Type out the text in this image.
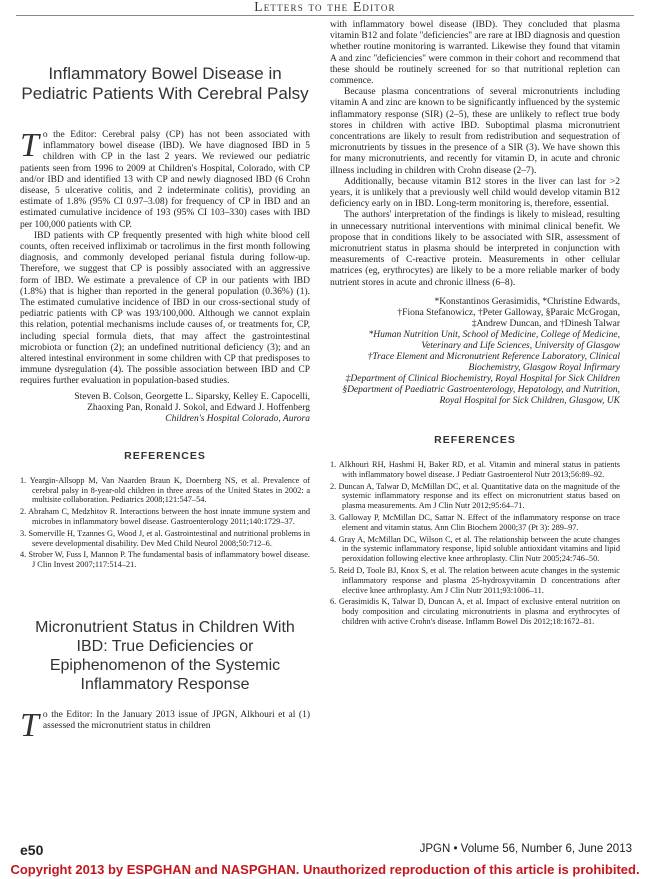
Letters to the Editor
Inflammatory Bowel Disease in Pediatric Patients With Cerebral Palsy

To the Editor: Cerebral palsy (CP) has not been associated with inflammatory bowel disease (IBD). We have diagnosed IBD in 5 children with CP in the last 2 years. We reviewed our pediatric patients seen from 1996 to 2009 at Children's Hospital, Colorado, with CP and/or IBD and identified 13 with CP and newly diagnosed IBD (6 Crohn disease, 5 ulcerative colitis, and 2 indeterminate colitis), providing an estimate of 1.8% (95% CI 0.97–3.08) for frequency of CP in IBD and an estimated cumulative incidence of 193 (95% CI 103–330) cases with IBD per 100,000 patients with CP.

IBD patients with CP frequently presented with high white blood cell counts, often received infliximab or tacrolimus in the first month following diagnosis, and commonly developed perianal fistula during follow-up. Therefore, we suggest that CP is possibly associated with an aggressive form of IBD. We estimate a prevalence of CP in our patients with IBD (1.8%) that is higher than reported in the general population (0.36%) (1). The estimated cumulative incidence of IBD in our cross-sectional study of pediatric patients with CP was 193/100,000. Although we cannot explain this relation, potential mechanisms include causes of, or treatments for, CP, including special formula diets, that may affect the gastrointestinal microbiota or function (2); an undefined nutritional deficiency (3); and an altered intestinal environment in some children with CP that predisposes to immune dysregulation (4). The possible association between IBD and CP requires further evaluation in population-based studies.

Steven B. Colson, Georgette L. Siparsky, Kelley E. Capocelli,
Zhaoxing Pan, Ronald J. Sokol, and Edward J. Hoffenberg
Children's Hospital Colorado, Aurora
REFERENCES
1. Yeargin-Allsopp M, Van Naarden Braun K, Doernberg NS, et al. Prevalence of cerebral palsy in 8-year-old children in three areas of the United States in 2002: a multisite collaboration. Pediatrics 2008;121:547–54.
2. Abraham C, Medzhitov R. Interactions between the host innate immune system and microbes in inflammatory bowel disease. Gastroenterology 2011;140:1729–37.
3. Somerville H, Tzannes G, Wood J, et al. Gastrointestinal and nutritional problems in severe developmental disability. Dev Med Child Neurol 2008;50:712–6.
4. Strober W, Fuss I, Mannon P. The fundamental basis of inflammatory bowel disease. J Clin Invest 2007;117:514–21.
Micronutrient Status in Children With IBD: True Deficiencies or Epiphenomenon of the Systemic Inflammatory Response

To the Editor: In the January 2013 issue of JPGN, Alkhouri et al (1) assessed the micronutrient status in children

with inflammatory bowel disease (IBD). They concluded that plasma vitamin B12 and folate ''deficiencies'' are rare at IBD diagnosis and question whether routine monitoring is warranted. Likewise they found that vitamin A and zinc ''deficiencies'' were common in their cohort and recommend that these should be routinely screened for so that nutritional repletion can commence.

Because plasma concentrations of several micronutrients including vitamin A and zinc are known to be significantly influenced by the systemic inflammatory response (SIR) (2–5), these are unlikely to reflect true body stores in children with active IBD. Suboptimal plasma micronutrient concentrations are likely to result from redistribution and sequestration of micronutrients by tissues in the presence of a SIR (3). We have shown this for many micronutrients, and recently for vitamin D, in acute and chronic illness including in children with Crohn disease (2–7).

Additionally, because vitamin B12 stores in the liver can last for >2 years, it is unlikely that a previously well child would develop vitamin B12 deficiency early on in IBD. Long-term monitoring is, therefore, essential.

The authors' interpretation of the findings is likely to mislead, resulting in unnecessary nutritional interventions with minimal clinical benefit. We propose that in conditions likely to be associated with SIR, assessment of micronutrient status in plasma should be interpreted in conjunction with measurements of C-reactive protein. Measurements in other cellular matrices (eg, erythrocytes) are likely to be a more reliable marker of body nutrient stores in acute and chronic illness (6–8).

*Konstantinos Gerasimidis, *Christine Edwards,
†Fiona Stefanowicz, †Peter Galloway, §Paraic McGrogan,
‡Andrew Duncan, and †Dinesh Talwar
*Human Nutrition Unit, School of Medicine, College of Medicine, Veterinary and Life Sciences, University of Glasgow
†Trace Element and Micronutrient Reference Laboratory, Clinical Biochemistry, Glasgow Royal Infirmary
‡Department of Clinical Biochemistry, Royal Hospital for Sick Children
§Department of Paediatric Gastroenterology, Hepatology, and Nutrition, Royal Hospital for Sick Children, Glasgow, UK
REFERENCES
1. Alkhouri RH, Hashmi H, Baker RD, et al. Vitamin and mineral status in patients with inflammatory bowel disease. J Pediatr Gastroenterol Nutr 2013;56:89–92.
2. Duncan A, Talwar D, McMillan DC, et al. Quantitative data on the magnitude of the systemic inflammatory response and its effect on micronutrient status based on plasma measurements. Am J Clin Nutr 2012;95:64–71.
3. Galloway P, McMillan DC, Sattar N. Effect of the inflammatory response on trace element and vitamin status. Ann Clin Biochem 2000;37 (Pt 3): 289–97.
4. Gray A, McMillan DC, Wilson C, et al. The relationship between the acute changes in the systemic inflammatory response, lipid soluble antioxidant vitamins and lipid peroxidation following elective knee arthroplasty. Clin Nutr 2005;24:746–50.
5. Reid D, Toole BJ, Knox S, et al. The relation between acute changes in the systemic inflammatory response and plasma 25-hydroxyvitamin D concentrations after elective knee arthroplasty. Am J Clin Nutr 2011;93:1006–11.
6. Gerasimidis K, Talwar D, Duncan A, et al. Impact of exclusive enteral nutrition on body composition and circulating micronutrients in plasma and erythrocytes of children with active Crohn's disease. Inflamm Bowel Dis 2012;18:1672–81.
e50	JPGN • Volume 56, Number 6, June 2013
Copyright 2013 by ESPGHAN and NASPGHAN. Unauthorized reproduction of this article is prohibited.
